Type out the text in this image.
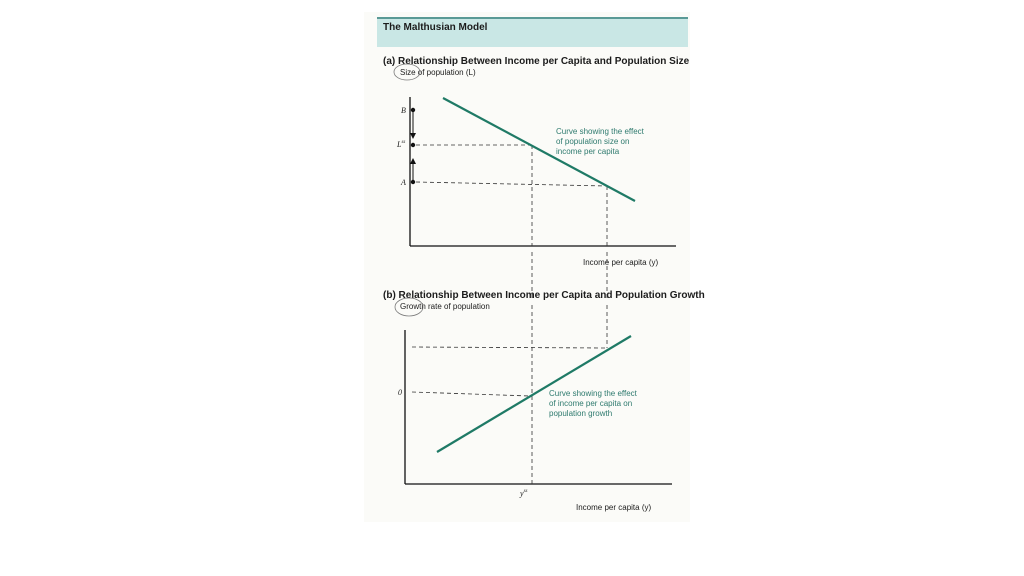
The Malthusian Model
(a) Relationship Between Income per Capita and Population Size
Size of population (L)
Income per capita (y)
(b) Relationship Between Income per Capita and Population Growth
Growth rate of population
Income per capita (y)
B
$L^{ss}$
A
Curve showing the effect
of population size on
income per capita
0
$y^{ss}$
Curve showing the effect
of income per capita on
population growth
